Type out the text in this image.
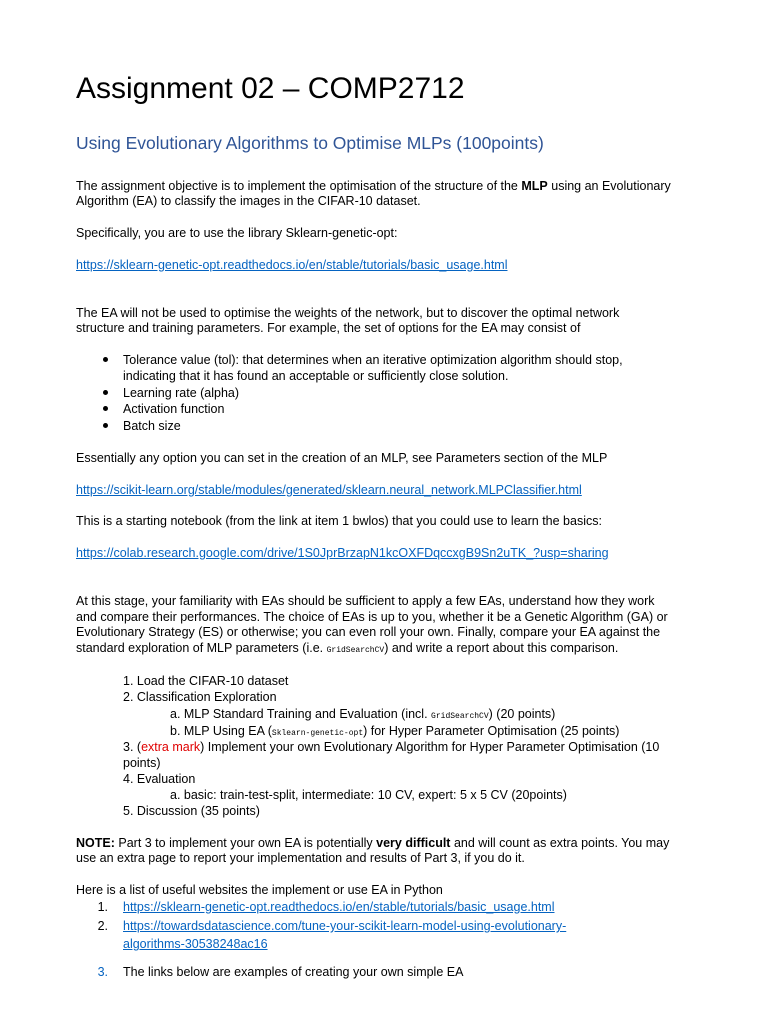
Assignment 02 – COMP2712
Using Evolutionary Algorithms to Optimise MLPs (100points)
The assignment objective is to implement the optimisation of the structure of the MLP using an Evolutionary
Algorithm (EA) to classify the images in the CIFAR-10 dataset.
Specifically, you are to use the library Sklearn-genetic-opt:
https://sklearn-genetic-opt.readthedocs.io/en/stable/tutorials/basic_usage.html
The EA will not be used to optimise the weights of the network, but to discover the optimal network
structure and training parameters. For example, the set of options for the EA may consist of
Tolerance value (tol): that determines when an iterative optimization algorithm should stop,
indicating that it has found an acceptable or sufficiently close solution.
Learning rate (alpha)
Activation function
Batch size
Essentially any option you can set in the creation of an MLP, see Parameters section of the MLP
https://scikit-learn.org/stable/modules/generated/sklearn.neural_network.MLPClassifier.html
This is a starting notebook (from the link at item 1 bwlos) that you could use to learn the basics:
https://colab.research.google.com/drive/1S0JprBrzapN1kcOXFDqccxgB9Sn2uTK_?usp=sharing
At this stage, your familiarity with EAs should be sufficient to apply a few EAs, understand how they work
and compare their performances. The choice of EAs is up to you, whether it be a Genetic Algorithm (GA) or
Evolutionary Strategy (ES) or otherwise; you can even roll your own. Finally, compare your EA against the
standard exploration of MLP parameters (i.e. GridSearchCV) and write a report about this comparison.
1. Load the CIFAR-10 dataset
2. Classification Exploration
a. MLP Standard Training and Evaluation (incl. GridSearchCV) (20 points)
b. MLP Using EA (Sklearn-genetic-opt) for Hyper Parameter Optimisation (25 points)
3. (extra mark) Implement your own Evolutionary Algorithm for Hyper Parameter Optimisation (10
points)
4. Evaluation
a. basic: train-test-split, intermediate: 10 CV, expert: 5 x 5 CV (20points)
5. Discussion (35 points)
NOTE: Part 3 to implement your own EA is potentially very difficult and will count as extra points. You may
use an extra page to report your implementation and results of Part 3, if you do it.
Here is a list of useful websites the implement or use EA in Python
1. https://sklearn-genetic-opt.readthedocs.io/en/stable/tutorials/basic_usage.html
2. https://towardsdatascience.com/tune-your-scikit-learn-model-using-evolutionary-
algorithms-30538248ac16
3. The links below are examples of creating your own simple EA
